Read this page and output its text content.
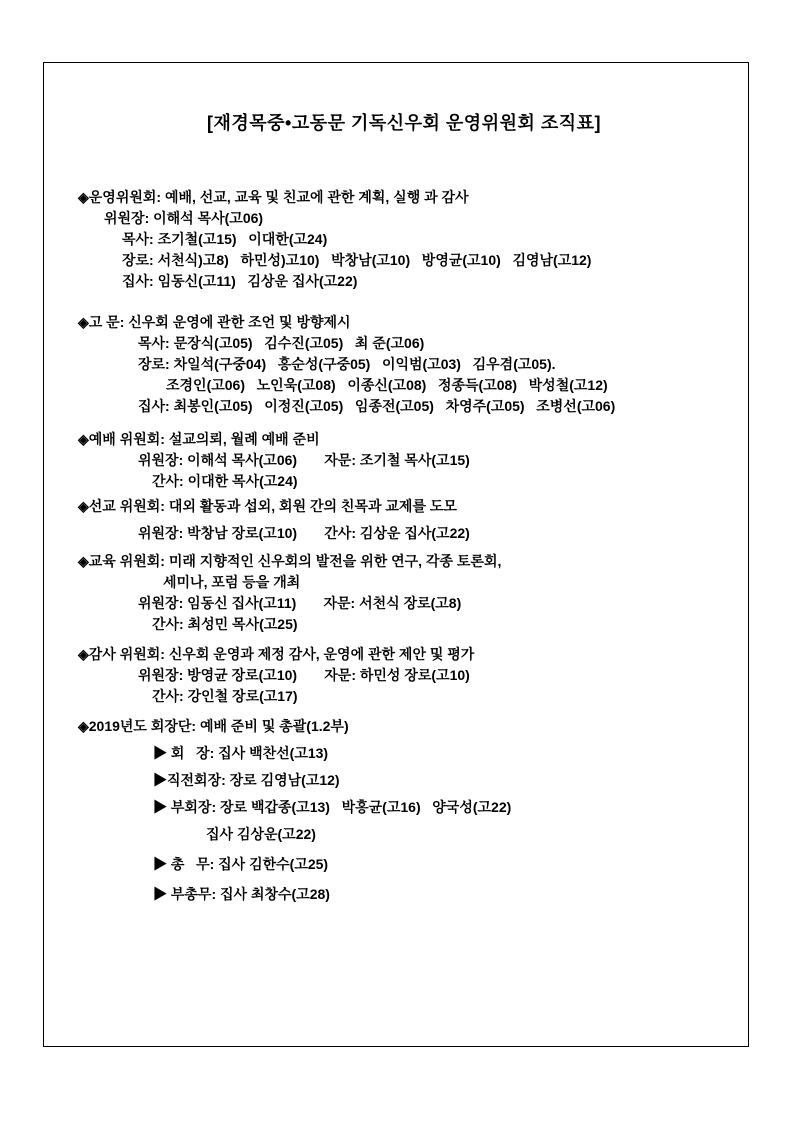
[재경목중•고동문 기독신우회 운영위원회 조직표]
◈운영위원회: 예배, 선교, 교육 및 친교에 관한 계획, 실행 과 감사
위원장: 이해석 목사(고06)
목사: 조기철(고15)   이대한(고24)
장로: 서천식)고8)   하민성)고10)   박창남(고10)   방영균(고10)   김영남(고12)
집사: 임동신(고11)   김상운 집사(고22)
◈고 문: 신우회 운영에 관한 조언 및 방향제시
목사: 문장식(고05)   김수진(고05)   최 준(고06)
장로: 차일석(구중04)   홍순성(구중05)   이익범(고03)   김우겸(고05).
조경인(고06)   노인욱(고08)   이종신(고08)   정종득(고08)   박성철(고12)
집사: 최봉인(고05)   이정진(고05)   임종전(고05)   차영주(고05)   조병선(고06)
◈예배 위원회: 설교의뢰, 월례 예배 준비
위원장: 이해석 목사(고06)       자문: 조기철 목사(고15)
간사: 이대한 목사(고24)
◈선교 위원회: 대외 활동과 섭외, 회원 간의 친목과 교제를 도모
위원장: 박창남 장로(고10)       간사: 김상운 집사(고22)
◈교육 위원회: 미래 지향적인 신우회의 발전을 위한 연구, 각종 토론회,
세미나, 포럼 등을 개최
위원장: 임동신 집사(고11)       자문: 서천식 장로(고8)
간사: 최성민 목사(고25)
◈감사 위원회: 신우회 운영과 제정 감사, 운영에 관한 제안 및 평가
위원장: 방영균 장로(고10)       자문: 하민성 장로(고10)
간사: 강인철 장로(고17)
◈2019년도 회장단: 예배 준비 및 총괄(1.2부)
▶ 회   장: 집사 백찬선(고13)
▶직전회장: 장로 김영남(고12)
▶ 부회장: 장로 백갑종(고13)   박홍균(고16)   양국성(고22)
집사 김상운(고22)
▶ 총   무: 집사 김한수(고25)
▶ 부총무: 집사 최창수(고28)
